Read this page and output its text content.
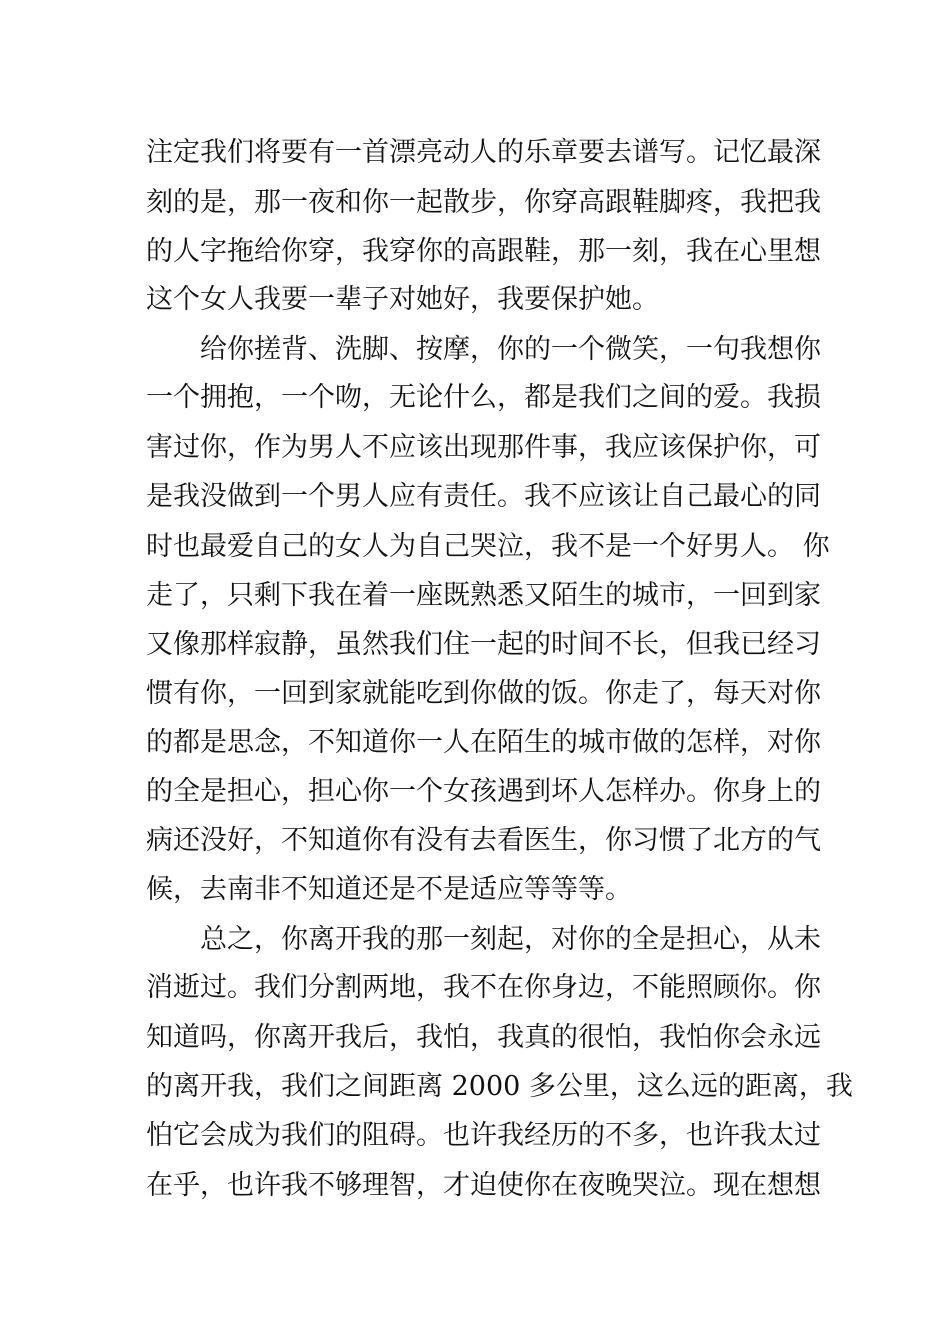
注定我们将要有一首漂亮动人的乐章要去谱写。记忆最深
刻的是，那一夜和你一起散步，你穿高跟鞋脚疼，我把我
的人字拖给你穿，我穿你的高跟鞋，那一刻，我在心里想
这个女人我要一辈子对她好，我要保护她。
给你搓背、洗脚、按摩，你的一个微笑，一句我想你
一个拥抱，一个吻，无论什么，都是我们之间的爱。我损
害过你，作为男人不应该出现那件事，我应该保护你，可
是我没做到一个男人应有责任。我不应该让自己最心的同
时也最爱自己的女人为自己哭泣，我不是一个好男人。 你
走了，只剩下我在着一座既熟悉又陌生的城市，一回到家
又像那样寂静，虽然我们住一起的时间不长，但我已经习
惯有你，一回到家就能吃到你做的饭。你走了，每天对你
的都是思念，不知道你一人在陌生的城市做的怎样，对你
的全是担心，担心你一个女孩遇到坏人怎样办。你身上的
病还没好，不知道你有没有去看医生，你习惯了北方的气
候，去南非不知道还是不是适应等等等。
总之，你离开我的那一刻起，对你的全是担心，从未
消逝过。我们分割两地，我不在你身边，不能照顾你。你
知道吗，你离开我后，我怕，我真的很怕，我怕你会永远
的离开我，我们之间距离 2000 多公里，这么远的距离，我
怕它会成为我们的阻碍。也许我经历的不多，也许我太过
在乎，也许我不够理智，才迫使你在夜晚哭泣。现在想想
